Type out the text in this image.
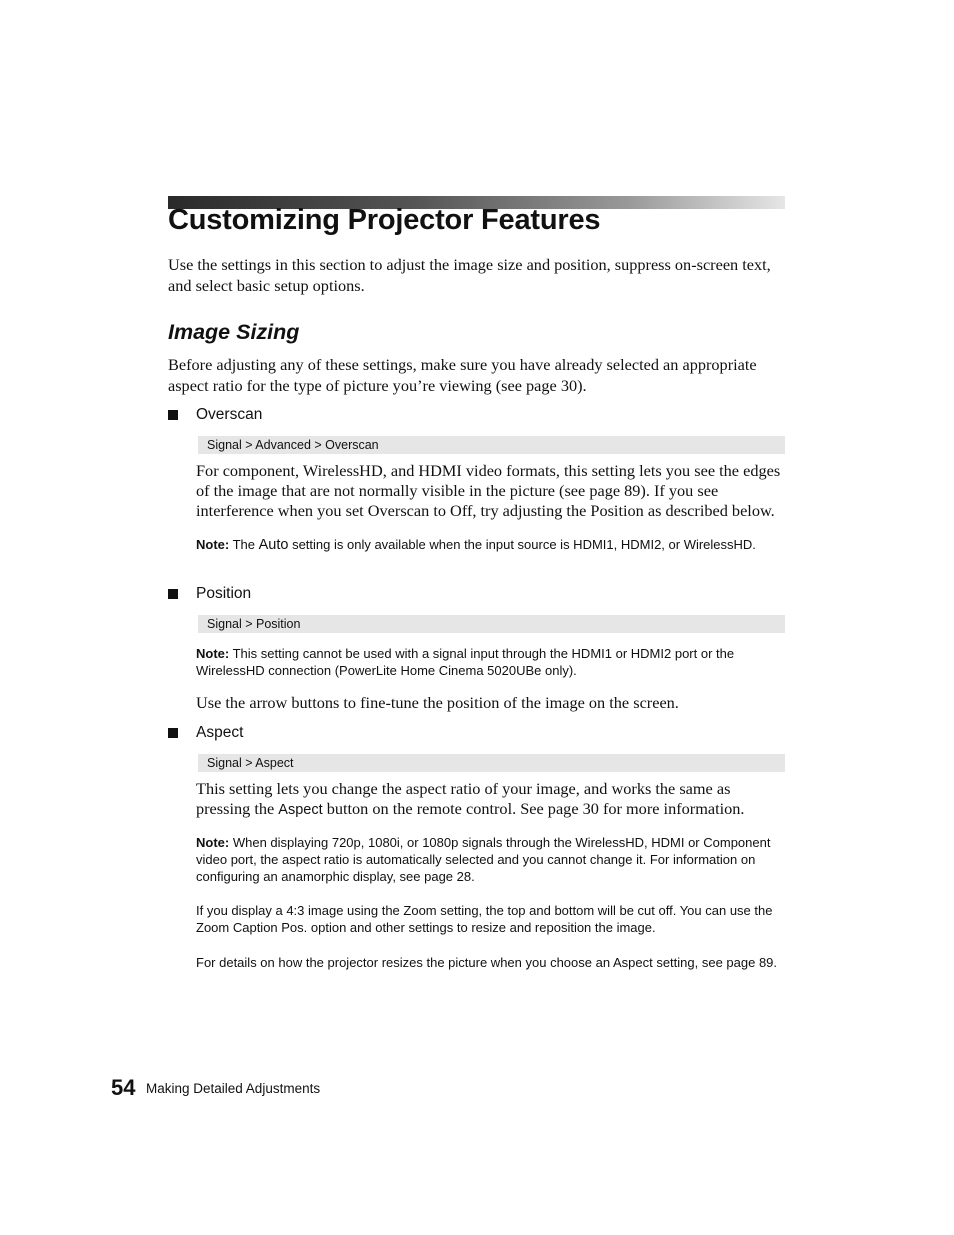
Customizing Projector Features

Use the settings in this section to adjust the image size and position, suppress on-screen text, and select basic setup options.

Image Sizing

Before adjusting any of these settings, make sure you have already selected an appropriate aspect ratio for the type of picture you’re viewing (see page 30).

Overscan
Signal > Advanced > Overscan

For component, WirelessHD, and HDMI video formats, this setting lets you see the edges of the image that are not normally visible in the picture (see page 89). If you see interference when you set Overscan to Off, try adjusting the Position as described below.

Note: The Auto setting is only available when the input source is HDMI1, HDMI2, or WirelessHD.

Position
Signal > Position

Note: This setting cannot be used with a signal input through the HDMI1 or HDMI2 port or the WirelessHD connection (PowerLite Home Cinema 5020UBe only).

Use the arrow buttons to fine-tune the position of the image on the screen.

Aspect
Signal > Aspect

This setting lets you change the aspect ratio of your image, and works the same as pressing the Aspect button on the remote control. See page 30 for more information.

Note: When displaying 720p, 1080i, or 1080p signals through the WirelessHD, HDMI or Component video port, the aspect ratio is automatically selected and you cannot change it. For information on configuring an anamorphic display, see page 28.

If you display a 4:3 image using the Zoom setting, the top and bottom will be cut off. You can use the Zoom Caption Pos. option and other settings to resize and reposition the image.

For details on how the projector resizes the picture when you choose an Aspect setting, see page 89.

54 Making Detailed Adjustments
